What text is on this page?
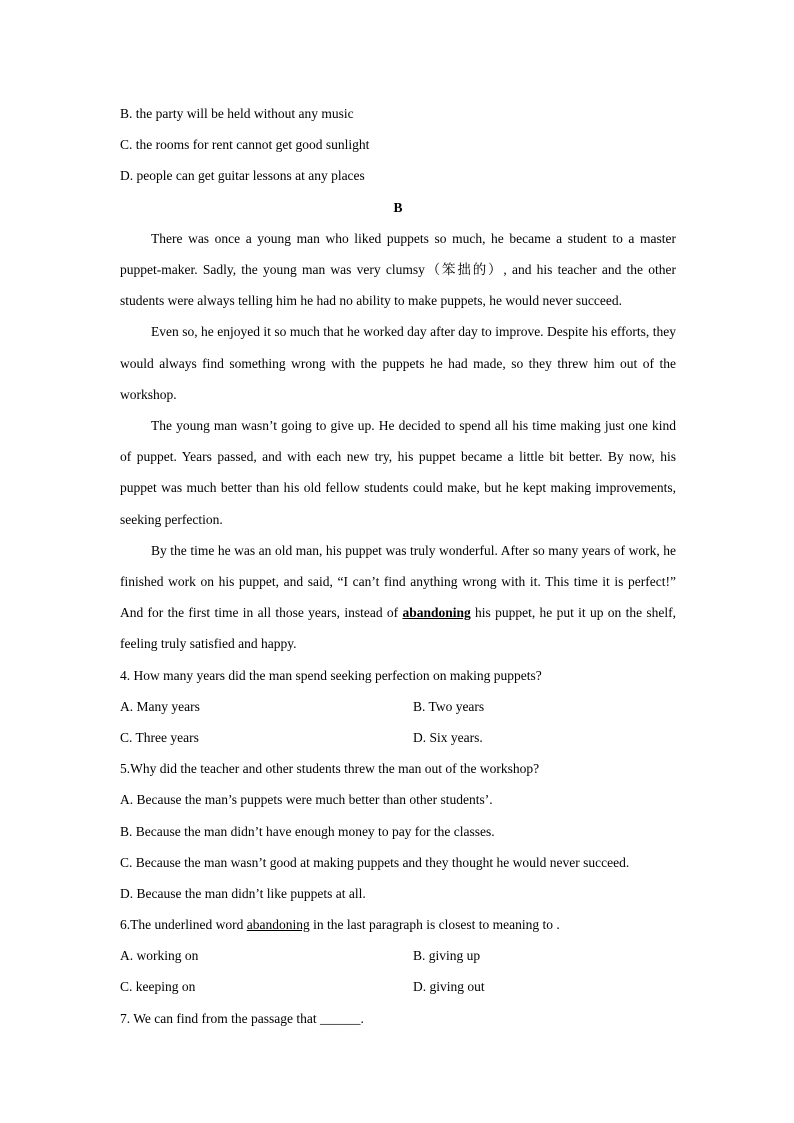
B. the party will be held without any music
C. the rooms for rent cannot get good sunlight
D. people can get guitar lessons at any places
B

There was once a young man who liked puppets so much, he became a student to a master puppet-maker. Sadly, the young man was very clumsy（笨拙的）, and his teacher and the other students were always telling him he had no ability to make puppets, he would never succeed.

Even so, he enjoyed it so much that he worked day after day to improve. Despite his efforts, they would always find something wrong with the puppets he had made, so they threw him out of the workshop.

The young man wasn’t going to give up. He decided to spend all his time making just one kind of puppet. Years passed, and with each new try, his puppet became a little bit better. By now, his puppet was much better than his old fellow students could make, but he kept making improvements, seeking perfection.

By the time he was an old man, his puppet was truly wonderful. After so many years of work, he finished work on his puppet, and said, “I can’t find anything wrong with it. This time it is perfect!” And for the first time in all those years, instead of abandoning his puppet, he put it up on the shelf, feeling truly satisfied and happy.

4. How many years did the man spend seeking perfection on making puppets?
A. Many years	B. Two years
C. Three years	D. Six years.
5.Why did the teacher and other students threw the man out of the workshop?
A. Because the man’s puppets were much better than other students’.
B. Because the man didn’t have enough money to pay for the classes.
C. Because the man wasn’t good at making puppets and they thought he would never succeed.
D. Because the man didn’t like puppets at all.
6.The underlined word abandoning in the last paragraph is closest to meaning to .
A. working on	B. giving up
C. keeping on	D. giving out
7. We can find from the passage that ______.
